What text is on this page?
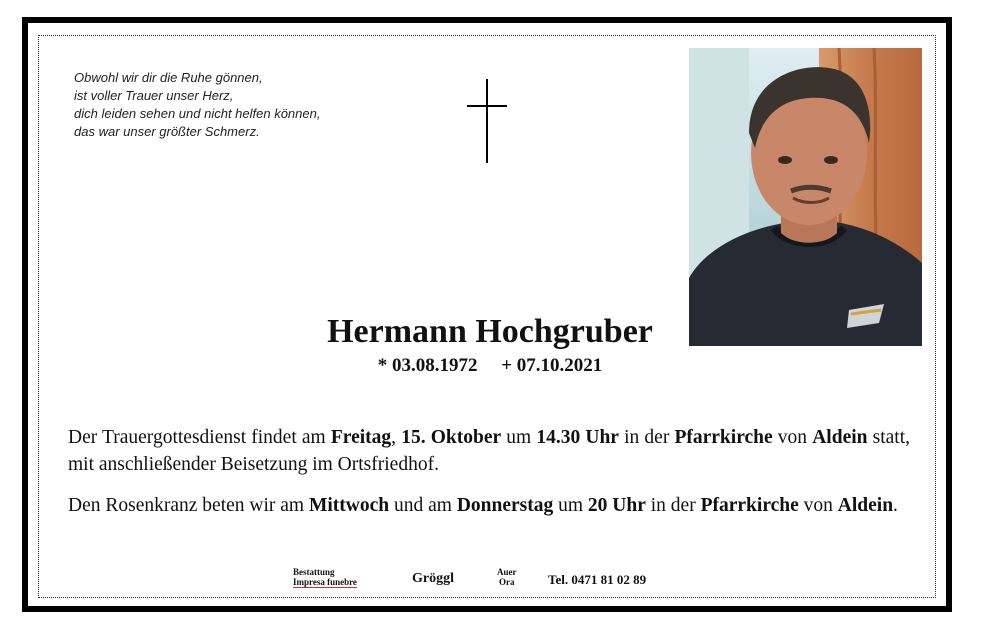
Obwohl wir dir die Ruhe gönnen,
ist voller Trauer unser Herz,
dich leiden sehen und nicht helfen können,
das war unser größter Schmerz.
Hermann Hochgruber
* 03.08.1972 + 07.10.2021
Der Trauergottesdienst findet am Freitag, 15. Oktober um 14.30 Uhr in der Pfarrkirche von Aldein statt, mit anschließender Beisetzung im Ortsfriedhof.
Den Rosenkranz beten wir am Mittwoch und am Donnerstag um 20 Uhr in der Pfarrkirche von Aldein.
Bestattung
Impresa funebre	Gröggl	Auer
Ora	Tel. 0471 81 02 89
